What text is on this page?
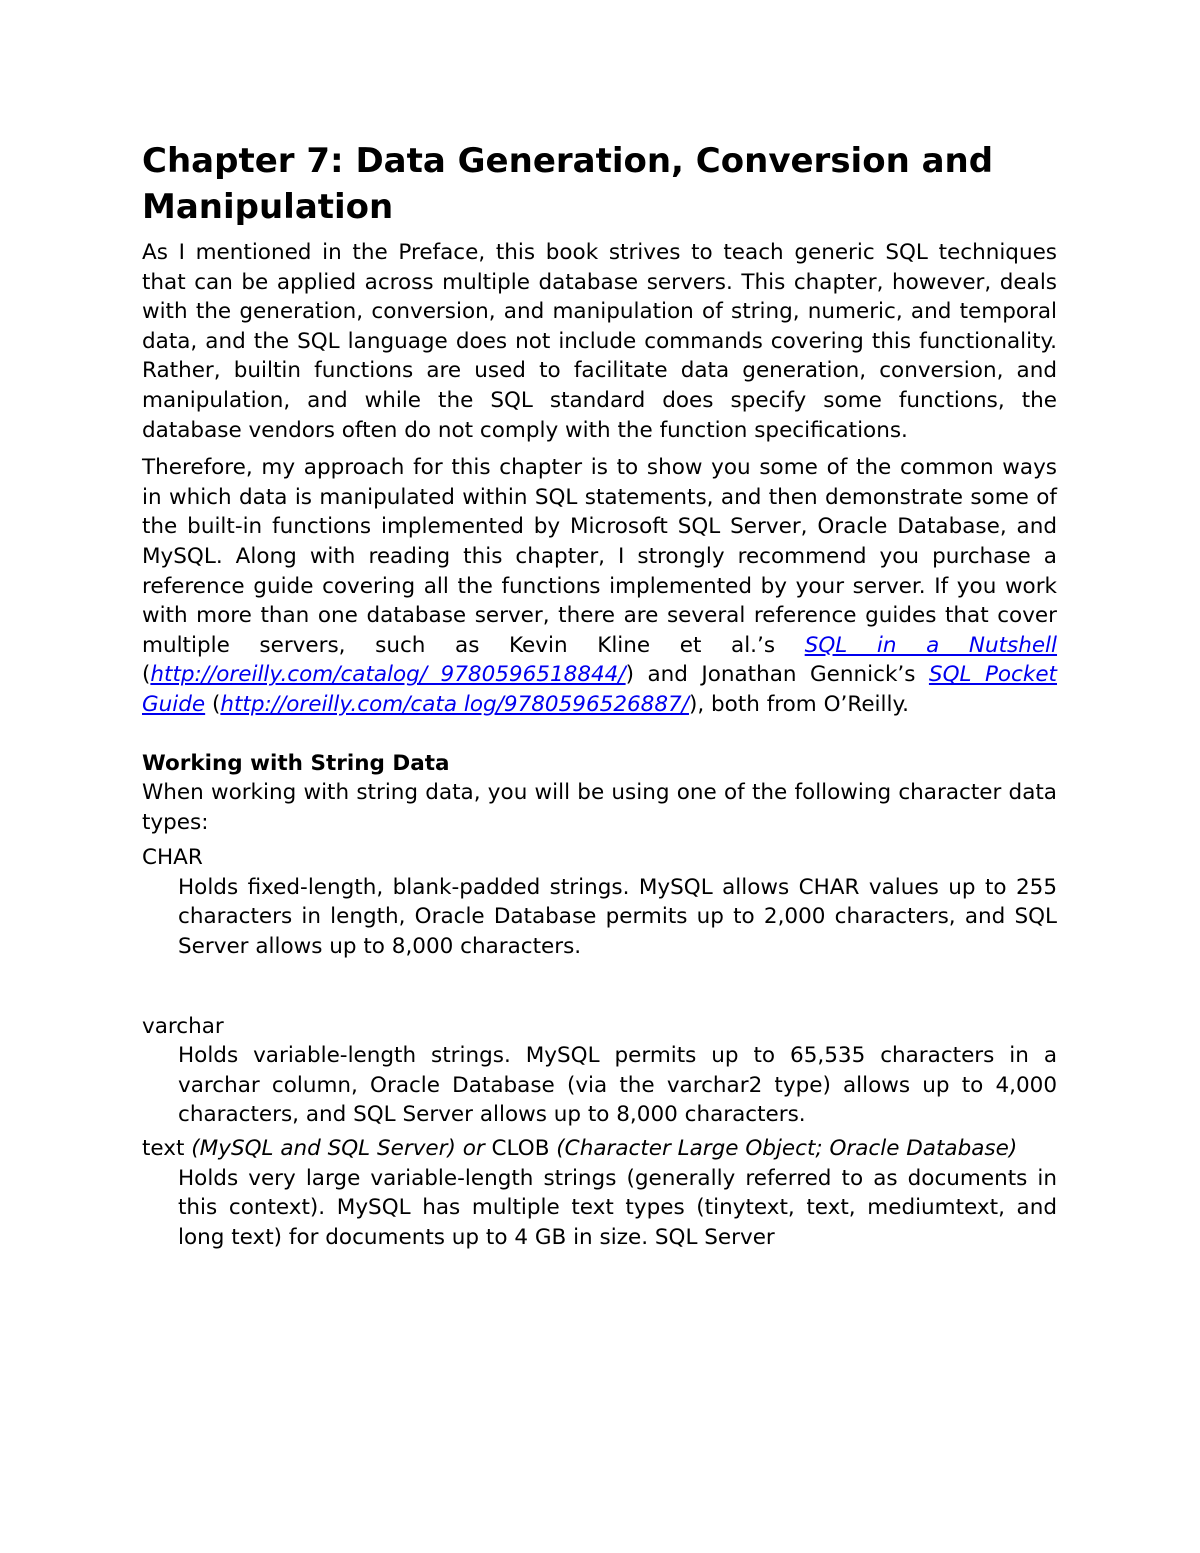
Chapter 7: Data Generation, Conversion and Manipulation

As I mentioned in the Preface, this book strives to teach generic SQL techniques that can be applied across multiple database servers. This chapter, however, deals with the generation, conversion, and manipulation of string, numeric, and temporal data, and the SQL language does not include commands covering this functionality. Rather, builtin functions are used to facilitate data generation, conversion, and manipulation, and while the SQL standard does specify some functions, the database vendors often do not comply with the function specifications.

Therefore, my approach for this chapter is to show you some of the common ways in which data is manipulated within SQL statements, and then demonstrate some of the built-in functions implemented by Microsoft SQL Server, Oracle Database, and MySQL. Along with reading this chapter, I strongly recommend you purchase a reference guide covering all the functions implemented by your server. If you work with more than one database server, there are several reference guides that cover multiple servers, such as Kevin Kline et al.’s SQL in a Nutshell (http://oreilly.com/catalog/ 9780596518844/) and Jonathan Gennick’s SQL Pocket Guide (http://oreilly.com/cata log/9780596526887/), both from O’Reilly.

Working with String Data

When working with string data, you will be using one of the following character data types:

CHAR

Holds fixed-length, blank-padded strings. MySQL allows CHAR values up to 255 characters in length, Oracle Database permits up to 2,000 characters, and SQL Server allows up to 8,000 characters.

varchar

Holds variable-length strings. MySQL permits up to 65,535 characters in a varchar column, Oracle Database (via the varchar2 type) allows up to 4,000 characters, and SQL Server allows up to 8,000 characters.

text (MySQL and SQL Server) or CLOB (Character Large Object; Oracle Database)

Holds very large variable-length strings (generally referred to as documents in this context). MySQL has multiple text types (tinytext, text, mediumtext, and long text) for documents up to 4 GB in size. SQL Server
